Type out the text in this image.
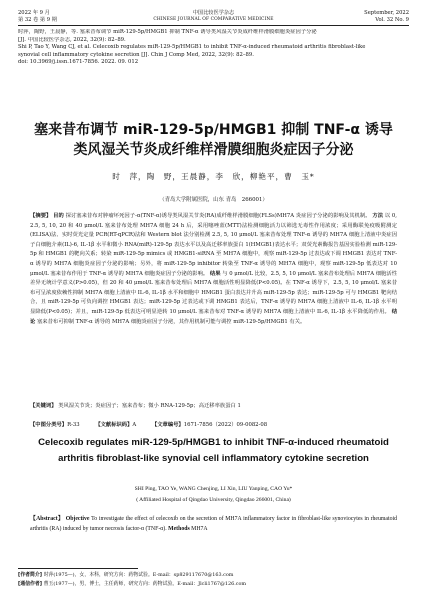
2022 年 9 月
第 32 卷 第 9 期
中国比较医学杂志
CHINESE JOURNAL OF COMPARATIVE MEDICINE
September, 2022
Vol. 32 No. 9
时萍，陶野，王晨静，等. 塞来昔布调节 miR-129-5p/HMGB1 抑制 TNF-α 诱导类风湿关节炎成纤维样滑膜细胞炎症因子分泌
[J]. 中国比较医学杂志, 2022, 32(9): 82–89.
Shi P, Tao Y, Wang CJ, et al. Celecoxib regulates miR-129-5p/HMGB1 to inhibit TNF-α-induced rheumatoid arthritis fibroblast-like
synovial cell inflammatory cytokine secretion [J]. Chin J Comp Med, 2022, 32(9): 82–89.
doi: 10.3969/j.issn.1671-7856. 2022. 09. 012
塞来昔布调节 miR-129-5p/HMGB1 抑制 TNF-α 诱导
类风湿关节炎成纤维样滑膜细胞炎症因子分泌
时　萍，陶　野，王晨静，李　欣，柳艳平，曹　玉*
（青岛大学附属医院，山东 青岛　266001）
【摘要】 目的 探讨塞来昔布对肿瘤坏死因子-α(TNF-α)诱导类风湿关节炎(RA)成纤维样滑膜细胞(FLSs)MH7A 炎症因子分泌的影响及其机制。 方法 以 0, 2.5, 5, 10, 20 和 40 μmol/L 塞来昔布处理 MH7A 细胞 24 h 后，采用噻唑蓝(MTT)法检测细胞活力以筛选无毒性作用浓度；采用酶联免疫吸附测定(ELISA)法、实时荧光定量 PCR(RT-qPCR)法和 Western blot 法分别检测 2.5, 5, 10 μmol/L 塞来昔布处理 TNF-α 诱导的 MH7A 细胞上清液中炎症因子白细胞介素(IL)-6, IL-1β 水平和微小 RNA(miR)-129-5p 表达水平以及高迁移率族蛋白 1(HMGB1)表达水平；双荧光素酶报告基因实验检测 miR-129-5p 和 HMGB1 的靶向关系；转染 miR-129-5p mimics 或 HMGB1-siRNA 至 MH7A 细胞中，观察 miR-129-5p 过表达或下调 HMGB1 表达对 TNF-α 诱导的 MH7A 细胞炎症因子分泌的影响；另外，将 miR-129-5p inhibitor 转染至 TNF-α 诱导的 MH7A 细胞中，观察 miR-129-5p 低表达对 10 μmol/L 塞来昔布作用于 TNF-α 诱导的 MH7A 细胞炎症因子分泌的影响。 结果 与 0 μmol/L 比较，2.5, 5, 10 μmol/L 塞来昔布处理后 MH7A 细胞活性差异无统计学意义(P>0.05)，但 20 和 40 μmol/L 塞来昔布处理后 MH7A 细胞活性明显降低(P<0.05)。在 TNF-α 诱导下，2.5, 5, 10 μmol/L 塞来昔布可呈浓度依赖性抑制 MH7A 细胞上清液中 IL-6, IL-1β 水平和细胞中 HMGB1 蛋白表达并升高 miR-129-5p 表达；miR-129-5p 可与 HMGB1 靶向结合，且 miR-129-5p 可负向调控 HMGB1 表达；miR-129-5p 过表达或下调 HMGB1 表达后，TNF-α 诱导的 MH7A 细胞上清液中 IL-6, IL-1β 水平明显降低(P<0.05)；并且，miR-129-5p 低表达可明显逆转 10 μmol/L 塞来昔布对 TNF-α 诱导的 MH7A 细胞上清液中 IL-6, IL-1β 水平降低的作用。 结论 塞来昔布可抑制 TNF-α 诱导的 MH7A 细胞炎症因子分泌，其作用机制可能与调控 miR-129-5p/HMGB1 有关。
【关键词】 类风湿关节炎；炎症因子；塞来昔布；微小 RNA-129-5p；高迁移率族蛋白 1
【中图分类号】R-33	【文献标识码】A	【文章编号】1671-7856（2022）09-0082-08
Celecoxib regulates miR-129-5p/HMGB1 to inhibit TNF-α-induced rheumatoid
arthritis fibroblast-like synovial cell inflammatory cytokine secretion
SHI Ping, TAO Ye, WANG Chenjing, LI Xin, LIU Yanping, CAO Yu*
( Affiliated Hospital of Qingdao University, Qingdao 266001, China)
【Abstract】 Objective To investigate the effect of celecoxib on the secretion of MH7A inflammatory factor in fibroblast-like synoviocytes in rheumatoid arthritis (RA) induced by tumor necrosis factor-α (TNF-α). Methods MH7A
[作者简介] 时萍(1975—)，女，本科，研究方向：药物试验。E-mail：sp829117670@163.com
[通信作者] 曹玉(1977—)，男，博士，主任药师，研究方向：药物试验。E-mail：Jlcli1767@126.com
